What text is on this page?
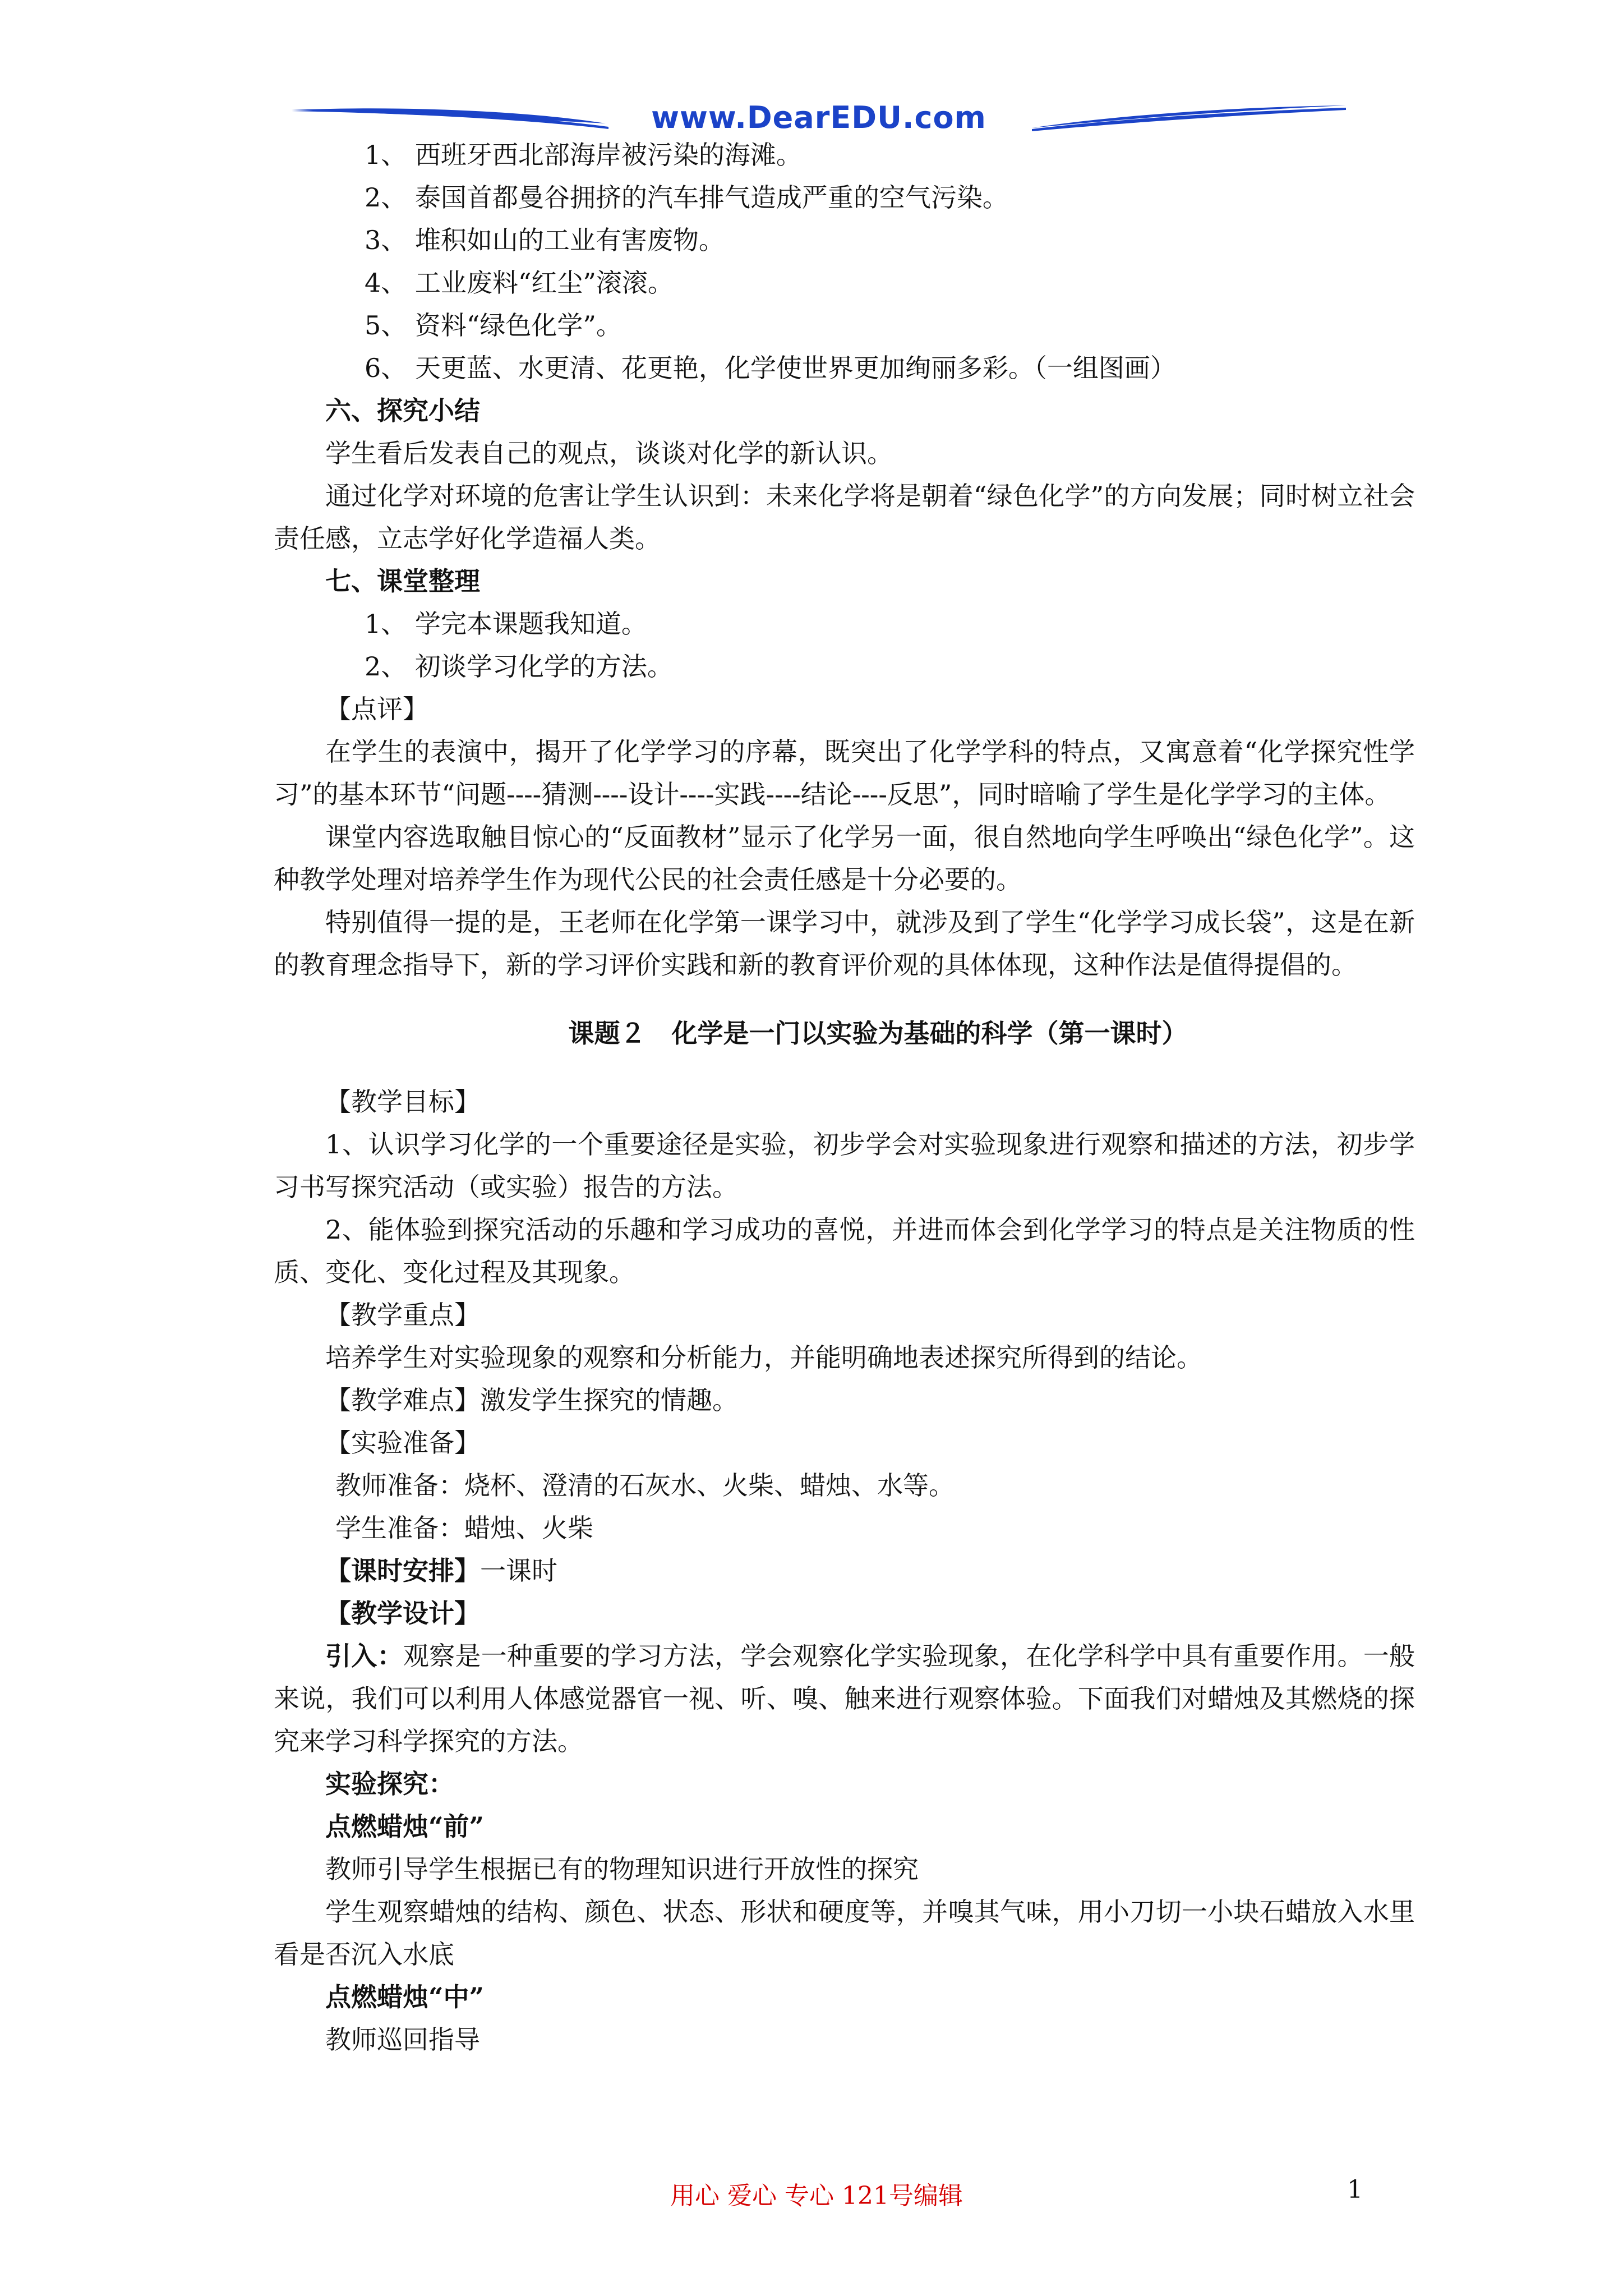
www.DearEDU.com

1、 西班牙西北部海岸被污染的海滩。

2、 泰国首都曼谷拥挤的汽车排气造成严重的空气污染。

3、 堆积如山的工业有害废物。

4、 工业废料“红尘”滚滚。

5、 资料“绿色化学”。

6、 天更蓝、水更清、花更艳，化学使世界更加绚丽多彩。（一组图画）

六、探究小结

学生看后发表自己的观点，谈谈对化学的新认识。

通过化学对环境的危害让学生认识到：未来化学将是朝着“绿色化学”的方向发展；同时树立社会责任感，立志学好化学造福人类。

七、课堂整理

1、 学完本课题我知道。

2、 初谈学习化学的方法。

【点评】

在学生的表演中，揭开了化学学习的序幕，既突出了化学学科的特点，又寓意着“化学探究性学习”的基本环节“问题----猜测----设计----实践----结论----反思”，同时暗喻了学生是化学学习的主体。

课堂内容选取触目惊心的“反面教材”显示了化学另一面，很自然地向学生呼唤出“绿色化学”。这种教学处理对培养学生作为现代公民的社会责任感是十分必要的。

特别值得一提的是，王老师在化学第一课学习中，就涉及到了学生“化学学习成长袋”，这是在新的教育理念指导下，新的学习评价实践和新的教育评价观的具体体现，这种作法是值得提倡的。

课题２　化学是一门以实验为基础的科学（第一课时）

【教学目标】

1、认识学习化学的一个重要途径是实验，初步学会对实验现象进行观察和描述的方法，初步学习书写探究活动（或实验）报告的方法。

2、能体验到探究活动的乐趣和学习成功的喜悦，并进而体会到化学学习的特点是关注物质的性质、变化、变化过程及其现象。

【教学重点】

培养学生对实验现象的观察和分析能力，并能明确地表述探究所得到的结论。

【教学难点】激发学生探究的情趣。

【实验准备】

教师准备：烧杯、澄清的石灰水、火柴、蜡烛、水等。

学生准备：蜡烛、火柴

【课时安排】一课时

【教学设计】

引入：观察是一种重要的学习方法，学会观察化学实验现象，在化学科学中具有重要作用。一般来说，我们可以利用人体感觉器官一视、听、嗅、触来进行观察体验。下面我们对蜡烛及其燃烧的探究来学习科学探究的方法。

实验探究：

点燃蜡烛“前”

教师引导学生根据已有的物理知识进行开放性的探究

学生观察蜡烛的结构、颜色、状态、形状和硬度等，并嗅其气味，用小刀切一小块石蜡放入水里看是否沉入水底

点燃蜡烛“中”

教师巡回指导

用心 爱心 专心 121号编辑	1
